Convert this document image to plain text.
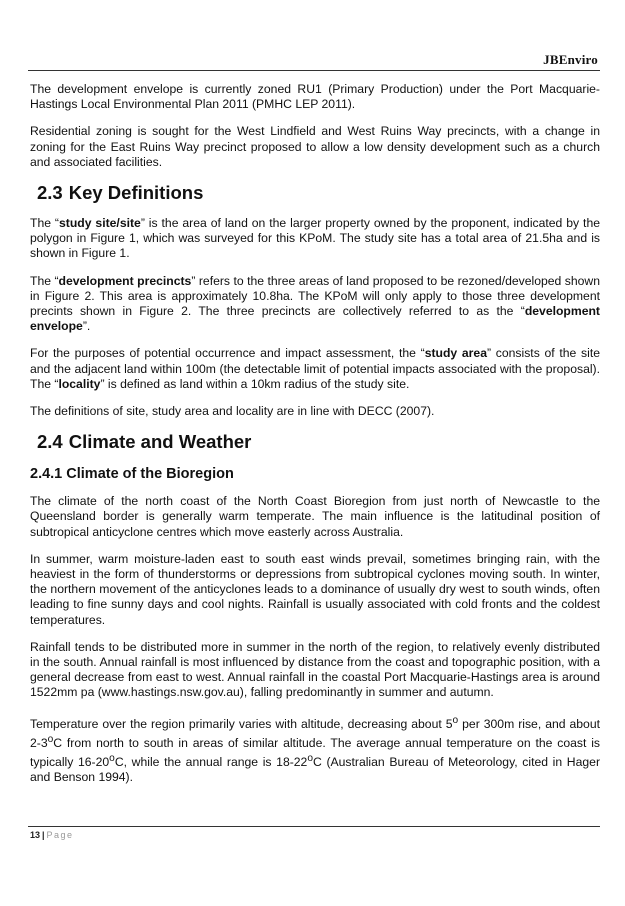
JBEnviro

The development envelope is currently zoned RU1 (Primary Production) under the Port Macquarie-Hastings Local Environmental Plan 2011 (PMHC LEP 2011).

Residential zoning is sought for the West Lindfield and West Ruins Way precincts, with a change in zoning for the East Ruins Way precinct proposed to allow a low density development such as a church and associated facilities.

2.3 Key Definitions

The “study site/site” is the area of land on the larger property owned by the proponent, indicated by the polygon in Figure 1, which was surveyed for this KPoM. The study site has a total area of 21.5ha and is shown in Figure 1.

The “development precincts” refers to the three areas of land proposed to be rezoned/developed shown in Figure 2. This area is approximately 10.8ha. The KPoM will only apply to those three development precints shown in Figure 2. The three precincts are collectively referred to as the “development envelope”.

For the purposes of potential occurrence and impact assessment, the “study area” consists of the site and the adjacent land within 100m (the detectable limit of potential impacts associated with the proposal). The “locality” is defined as land within a 10km radius of the study site.

The definitions of site, study area and locality are in line with DECC (2007).

2.4 Climate and Weather
2.4.1 Climate of the Bioregion

The climate of the north coast of the North Coast Bioregion from just north of Newcastle to the Queensland border is generally warm temperate. The main influence is the latitudinal position of subtropical anticyclone centres which move easterly across Australia.

In summer, warm moisture-laden east to south east winds prevail, sometimes bringing rain, with the heaviest in the form of thunderstorms or depressions from subtropical cyclones moving south. In winter, the northern movement of the anticyclones leads to a dominance of usually dry west to south winds, often leading to fine sunny days and cool nights. Rainfall is usually associated with cold fronts and the coldest temperatures.

Rainfall tends to be distributed more in summer in the north of the region, to relatively evenly distributed in the south. Annual rainfall is most influenced by distance from the coast and topographic position, with a general decrease from east to west. Annual rainfall in the coastal Port Macquarie-Hastings area is around 1522mm pa (www.hastings.nsw.gov.au), falling predominantly in summer and autumn.

Temperature over the region primarily varies with altitude, decreasing about 5$^o$ per 300m rise, and about 2-3$^o$C from north to south in areas of similar altitude. The average annual temperature on the coast is typically 16-20$^o$C, while the annual range is 18-22$^o$C (Australian Bureau of Meteorology, cited in Hager and Benson 1994).

13 | Page
